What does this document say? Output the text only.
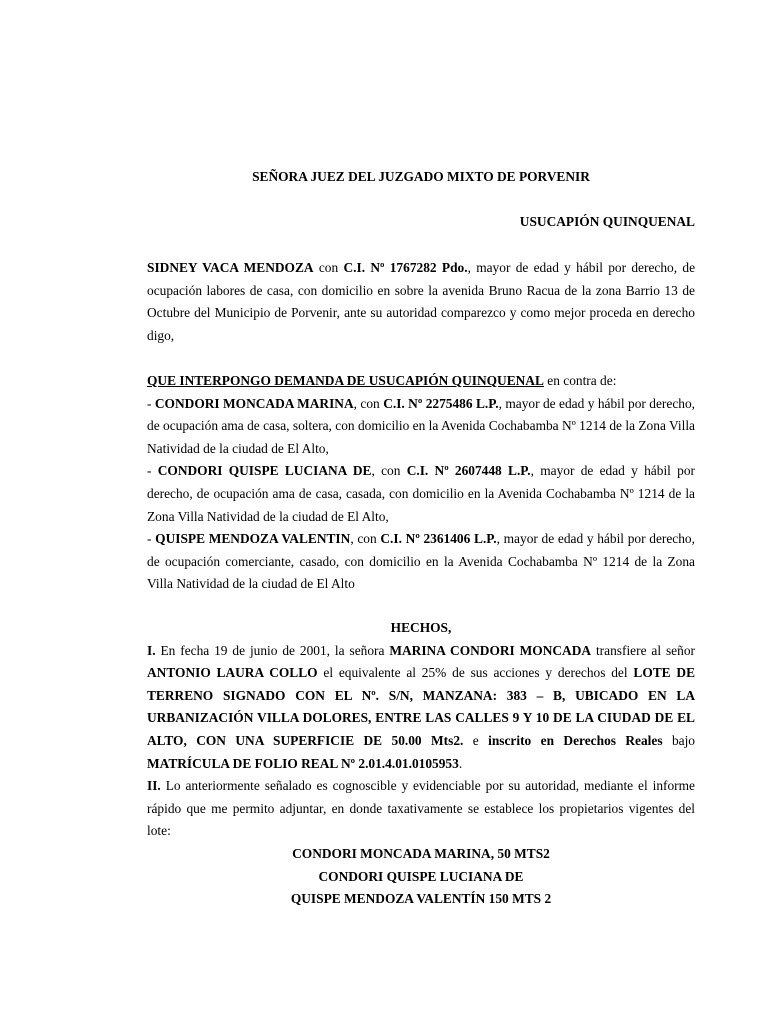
SEÑORA JUEZ DEL JUZGADO MIXTO DE PORVENIR
USUCAPIÓN QUINQUENAL

SIDNEY VACA MENDOZA con C.I. Nº 1767282 Pdo., mayor de edad y hábil por derecho, de ocupación labores de casa, con domicilio en sobre la avenida Bruno Racua de la zona Barrio 13 de Octubre del Municipio de Porvenir, ante su autoridad comparezco y como mejor proceda en derecho digo,

QUE INTERPONGO DEMANDA DE USUCAPIÓN QUINQUENAL en contra de:

- CONDORI MONCADA MARINA, con C.I. Nº 2275486 L.P., mayor de edad y hábil por derecho, de ocupación ama de casa, soltera, con domicilio en la Avenida Cochabamba Nº 1214 de la Zona Villa Natividad de la ciudad de El Alto,

- CONDORI QUISPE LUCIANA DE, con C.I. Nº 2607448 L.P., mayor de edad y hábil por derecho, de ocupación ama de casa, casada, con domicilio en la Avenida Cochabamba Nº 1214 de la Zona Villa Natividad de la ciudad de El Alto,

- QUISPE MENDOZA VALENTIN, con C.I. Nº 2361406 L.P., mayor de edad y hábil por derecho, de ocupación comerciante, casado, con domicilio en la Avenida Cochabamba Nº 1214 de la Zona Villa Natividad de la ciudad de El Alto

HECHOS,

I. En fecha 19 de junio de 2001, la señora MARINA CONDORI MONCADA transfiere al señor ANTONIO LAURA COLLO el equivalente al 25% de sus acciones y derechos del LOTE DE TERRENO SIGNADO CON EL Nº. S/N, MANZANA: 383 – B, UBICADO EN LA URBANIZACIÓN VILLA DOLORES, ENTRE LAS CALLES 9 Y 10 DE LA CIUDAD DE EL ALTO, CON UNA SUPERFICIE DE 50.00 Mts2. e inscrito en Derechos Reales bajo MATRÍCULA DE FOLIO REAL Nº 2.01.4.01.0105953.

II. Lo anteriormente señalado es cognoscible y evidenciable por su autoridad, mediante el informe rápido que me permito adjuntar, en donde taxativamente se establece los propietarios vigentes del lote:

CONDORI MONCADA MARINA, 50 MTS2

CONDORI QUISPE LUCIANA DE

QUISPE MENDOZA VALENTÍN 150 MTS 2
